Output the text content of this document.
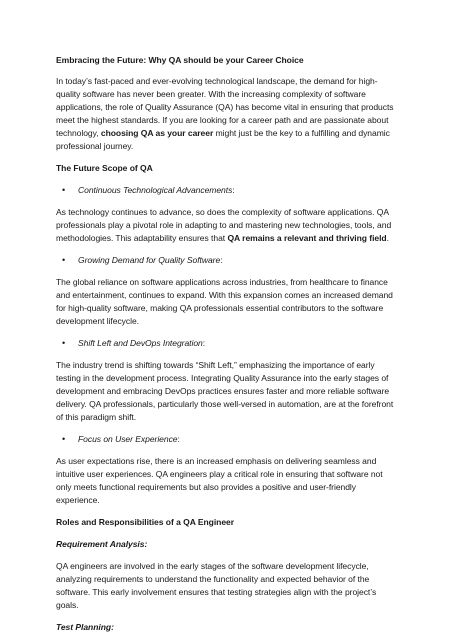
Embracing the Future: Why QA should be your Career Choice
In today’s fast-paced and ever-evolving technological landscape, the demand for high-quality software has never been greater. With the increasing complexity of software applications, the role of Quality Assurance (QA) has become vital in ensuring that products meet the highest standards. If you are looking for a career path and are passionate about technology, choosing QA as your career might just be the key to a fulfilling and dynamic professional journey.
The Future Scope of QA
•	Continuous Technological Advancements:
As technology continues to advance, so does the complexity of software applications. QA professionals play a pivotal role in adapting to and mastering new technologies, tools, and methodologies. This adaptability ensures that QA remains a relevant and thriving field.
•	Growing Demand for Quality Software:
The global reliance on software applications across industries, from healthcare to finance and entertainment, continues to expand. With this expansion comes an increased demand for high-quality software, making QA professionals essential contributors to the software development lifecycle.
•	Shift Left and DevOps Integration:
The industry trend is shifting towards “Shift Left,” emphasizing the importance of early testing in the development process. Integrating Quality Assurance into the early stages of development and embracing DevOps practices ensures faster and more reliable software delivery. QA professionals, particularly those well-versed in automation, are at the forefront of this paradigm shift.
•	Focus on User Experience:
As user expectations rise, there is an increased emphasis on delivering seamless and intuitive user experiences. QA engineers play a critical role in ensuring that software not only meets functional requirements but also provides a positive and user-friendly experience.
Roles and Responsibilities of a QA Engineer
Requirement Analysis:
QA engineers are involved in the early stages of the software development lifecycle, analyzing requirements to understand the functionality and expected behavior of the software. This early involvement ensures that testing strategies align with the project’s goals.
Test Planning:
